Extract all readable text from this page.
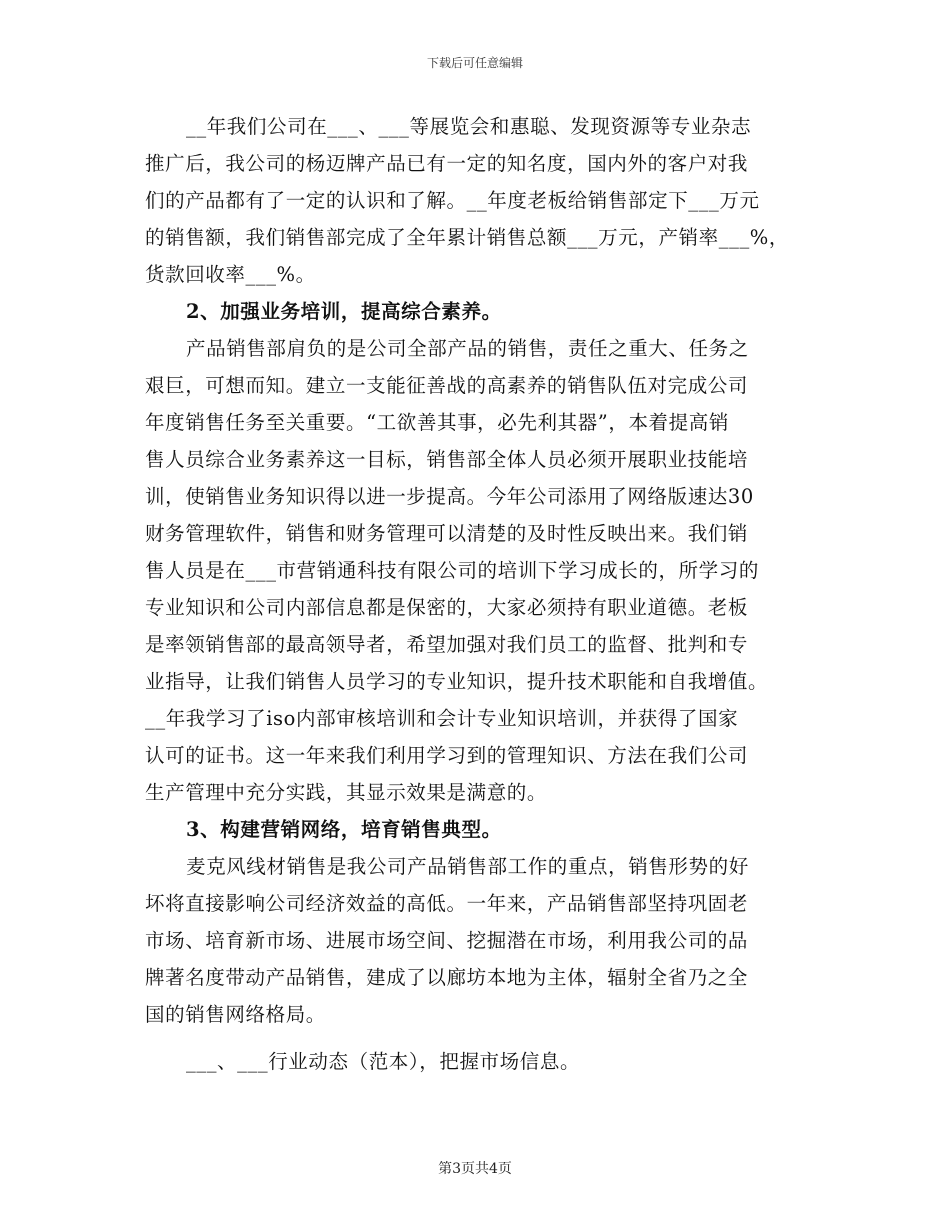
下载后可任意编辑
__年我们公司在___、___等展览会和惠聪、发现资源等专业杂志
推广后，我公司的杨迈牌产品已有一定的知名度，国内外的客户对我
们的产品都有了一定的认识和了解。__年度老板给销售部定下___万元
的销售额，我们销售部完成了全年累计销售总额___万元，产销率___%，
货款回收率___%。
2、加强业务培训，提高综合素养。
产品销售部肩负的是公司全部产品的销售，责任之重大、任务之
艰巨，可想而知。建立一支能征善战的高素养的销售队伍对完成公司
年度销售任务至关重要。“工欲善其事，必先利其器”，本着提高销
售人员综合业务素养这一目标，销售部全体人员必须开展职业技能培
训，使销售业务知识得以进一步提高。今年公司添用了网络版速达30
财务管理软件，销售和财务管理可以清楚的及时性反映出来。我们销
售人员是在___市营销通科技有限公司的培训下学习成长的，所学习的
专业知识和公司内部信息都是保密的，大家必须持有职业道德。老板
是率领销售部的最高领导者，希望加强对我们员工的监督、批判和专
业指导，让我们销售人员学习的专业知识，提升技术职能和自我增值。
__年我学习了iso内部审核培训和会计专业知识培训，并获得了国家
认可的证书。这一年来我们利用学习到的管理知识、方法在我们公司
生产管理中充分实践，其显示效果是满意的。
3、构建营销网络，培育销售典型。
麦克风线材销售是我公司产品销售部工作的重点，销售形势的好
坏将直接影响公司经济效益的高低。一年来，产品销售部坚持巩固老
市场、培育新市场、进展市场空间、挖掘潜在市场，利用我公司的品
牌著名度带动产品销售，建成了以廊坊本地为主体，辐射全省乃之全
国的销售网络格局。
___、___行业动态（范本），把握市场信息。
第3页共4页
